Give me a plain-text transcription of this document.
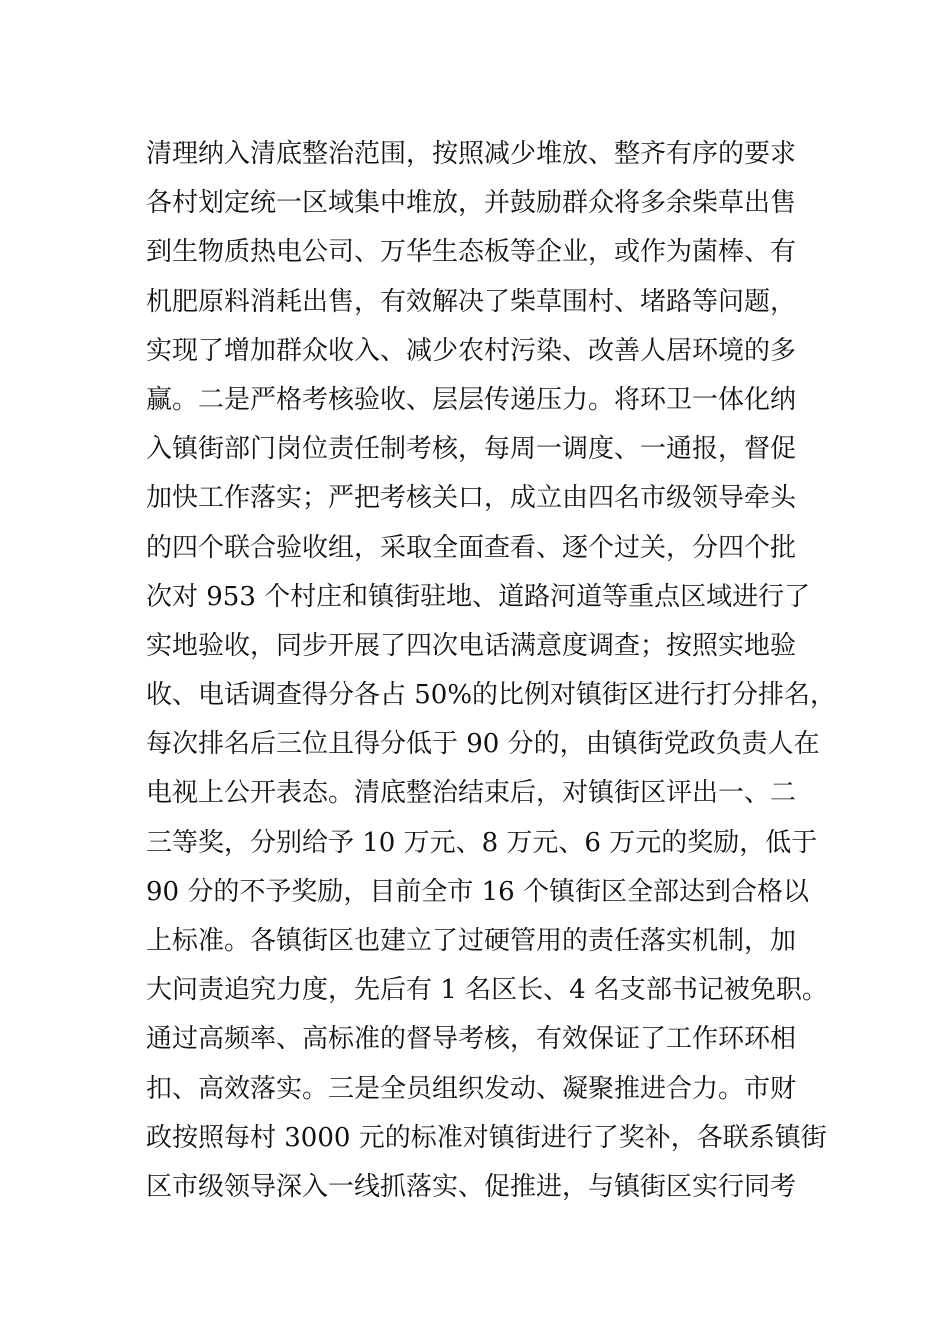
清理纳入清底整治范围，按照减少堆放、整齐有序的要求
各村划定统一区域集中堆放，并鼓励群众将多余柴草出售
到生物质热电公司、万华生态板等企业，或作为菌棒、有
机肥原料消耗出售，有效解决了柴草围村、堵路等问题，
实现了增加群众收入、减少农村污染、改善人居环境的多
赢。二是严格考核验收、层层传递压力。将环卫一体化纳
入镇街部门岗位责任制考核，每周一调度、一通报，督促
加快工作落实；严把考核关口，成立由四名市级领导牵头
的四个联合验收组，采取全面查看、逐个过关，分四个批
次对 953 个村庄和镇街驻地、道路河道等重点区域进行了
实地验收，同步开展了四次电话满意度调查；按照实地验
收、电话调查得分各占 50%的比例对镇街区进行打分排名，
每次排名后三位且得分低于 90 分的，由镇街党政负责人在
电视上公开表态。清底整治结束后，对镇街区评出一、二
三等奖，分别给予 10 万元、8 万元、6 万元的奖励，低于
90 分的不予奖励，目前全市 16 个镇街区全部达到合格以
上标准。各镇街区也建立了过硬管用的责任落实机制，加
大问责追究力度，先后有 1 名区长、4 名支部书记被免职。
通过高频率、高标准的督导考核，有效保证了工作环环相
扣、高效落实。三是全员组织发动、凝聚推进合力。市财
政按照每村 3000 元的标准对镇街进行了奖补，各联系镇街
区市级领导深入一线抓落实、促推进，与镇街区实行同考
